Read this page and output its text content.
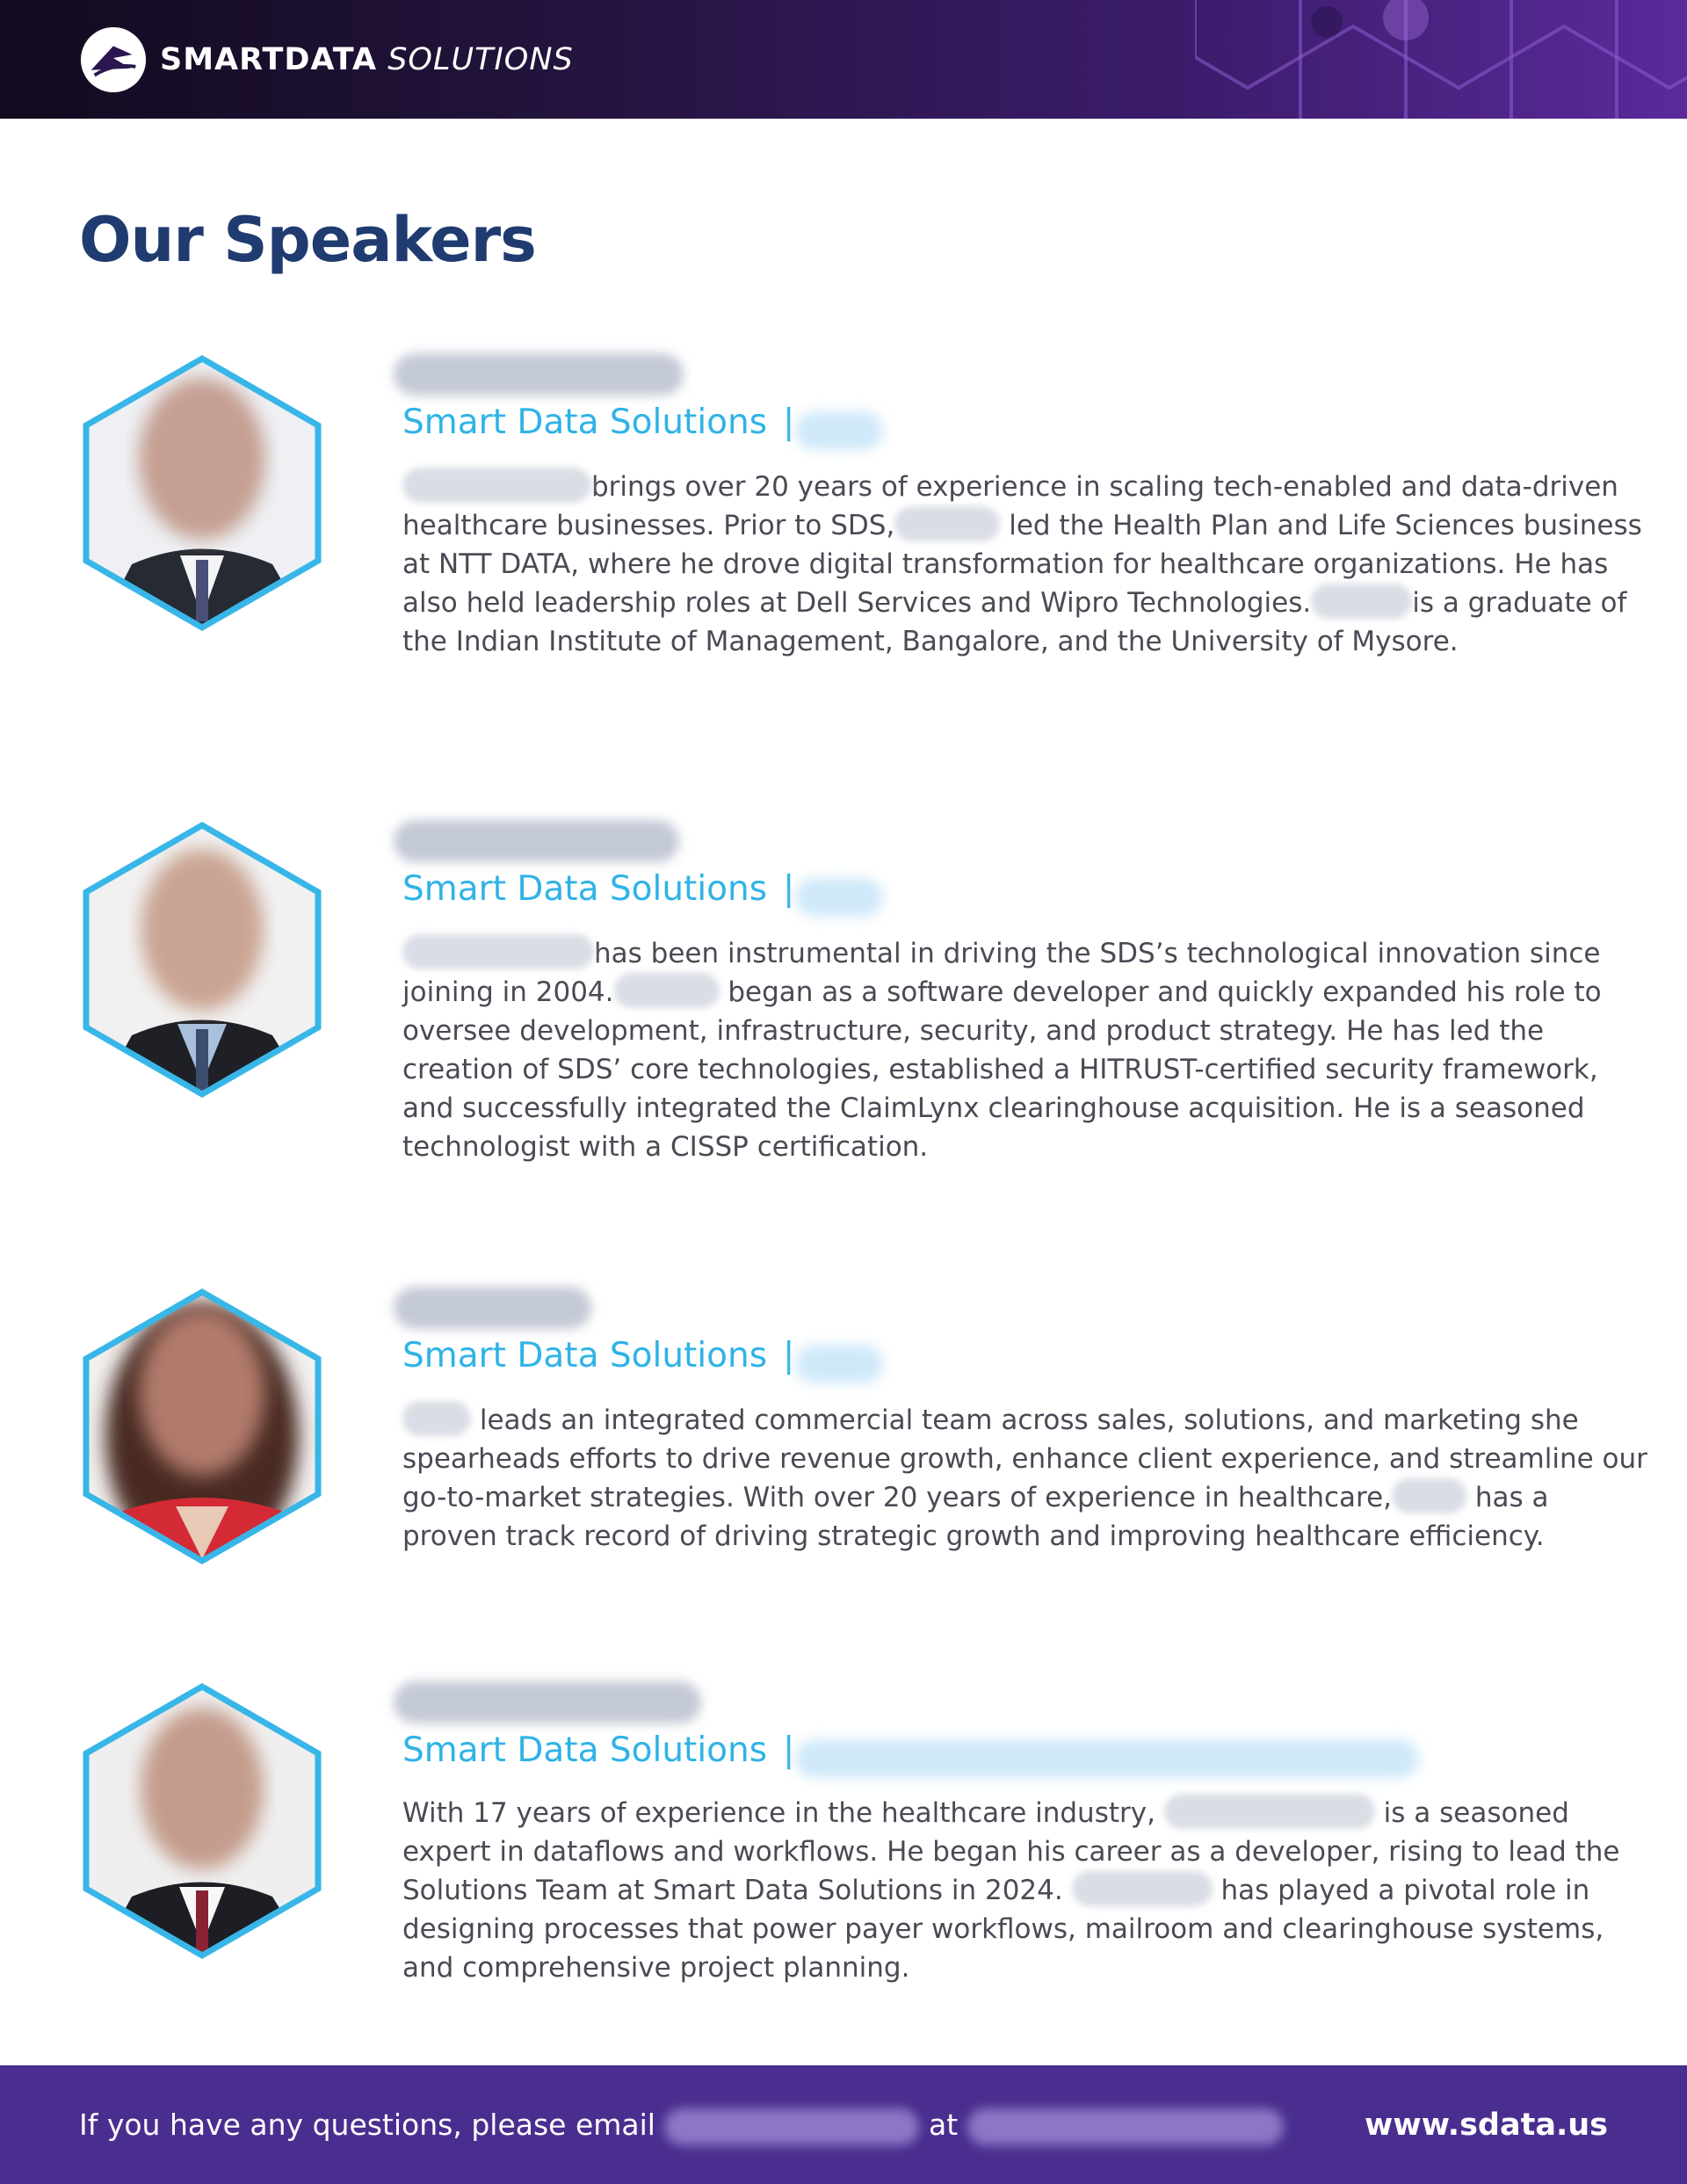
SMARTDATA SOLUTIONS
Our Speakers
Smart Data Solutions |
brings over 20 years of experience in scaling tech-enabled and data-driven healthcare businesses. Prior to SDS,	led the Health Plan and Life Sciences business at NTT DATA, where he drove digital transformation for healthcare organizations. He has also held leadership roles at Dell Services and Wipro Technologies.	is a graduate of the Indian Institute of Management, Bangalore, and the University of Mysore.
Smart Data Solutions |
has been instrumental in driving the SDS’s technological innovation since joining in 2004.	began as a software developer and quickly expanded his role to oversee development, infrastructure, security, and product strategy. He has led the creation of SDS’ core technologies, established a HITRUST-certified security framework, and successfully integrated the ClaimLynx clearinghouse acquisition. He is a seasoned technologist with a CISSP certification.
Smart Data Solutions |
leads an integrated commercial team across sales, solutions, and marketing she spearheads efforts to drive revenue growth, enhance client experience, and streamline our go-to-market strategies. With over 20 years of experience in healthcare,	has a proven track record of driving strategic growth and improving healthcare efficiency.
Smart Data Solutions |
With 17 years of experience in the healthcare industry,	is a seasoned expert in dataflows and workflows. He began his career as a developer, rising to lead the Solutions Team at Smart Data Solutions in 2024.	has played a pivotal role in designing processes that power payer workflows, mailroom and clearinghouse systems, and comprehensive project planning.
If you have any questions, please email	at	www.sdata.us
